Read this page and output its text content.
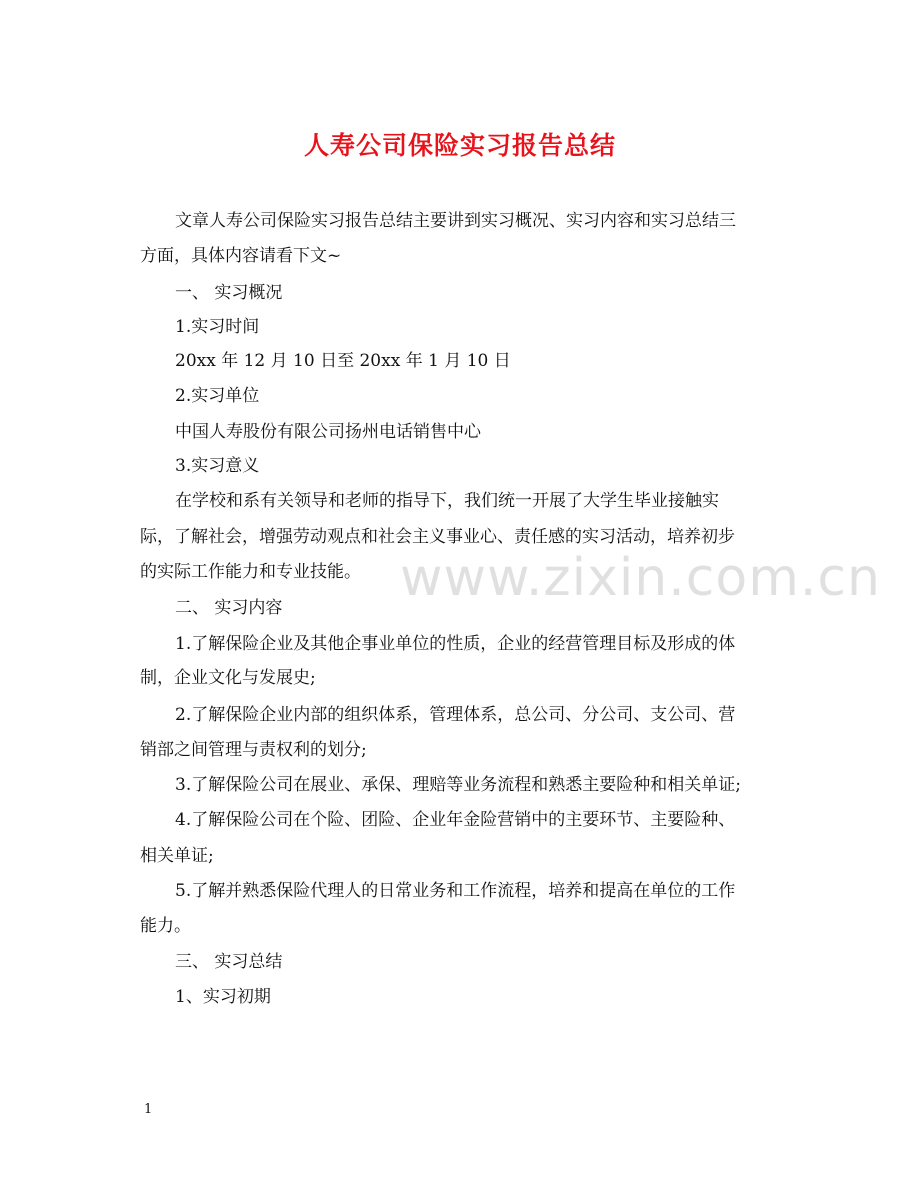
人寿公司保险实习报告总结
文章人寿公司保险实习报告总结主要讲到实习概况、实习内容和实习总结三
方面，具体内容请看下文~
一、 实习概况
1.实习时间
20xx 年 12 月 10 日至 20xx 年 1 月 10 日
2.实习单位
中国人寿股份有限公司扬州电话销售中心
3.实习意义
在学校和系有关领导和老师的指导下，我们统一开展了大学生毕业接触实
际，了解社会，增强劳动观点和社会主义事业心、责任感的实习活动，培养初步
的实际工作能力和专业技能。
二、 实习内容
1.了解保险企业及其他企事业单位的性质，企业的经营管理目标及形成的体
制，企业文化与发展史;
2.了解保险企业内部的组织体系，管理体系，总公司、分公司、支公司、营
销部之间管理与责权利的划分;
3.了解保险公司在展业、承保、理赔等业务流程和熟悉主要险种和相关单证;
4.了解保险公司在个险、团险、企业年金险营销中的主要环节、主要险种、
相关单证;
5.了解并熟悉保险代理人的日常业务和工作流程，培养和提高在单位的工作
能力。
三、 实习总结
1、实习初期
www.zixin.com.cn
1
